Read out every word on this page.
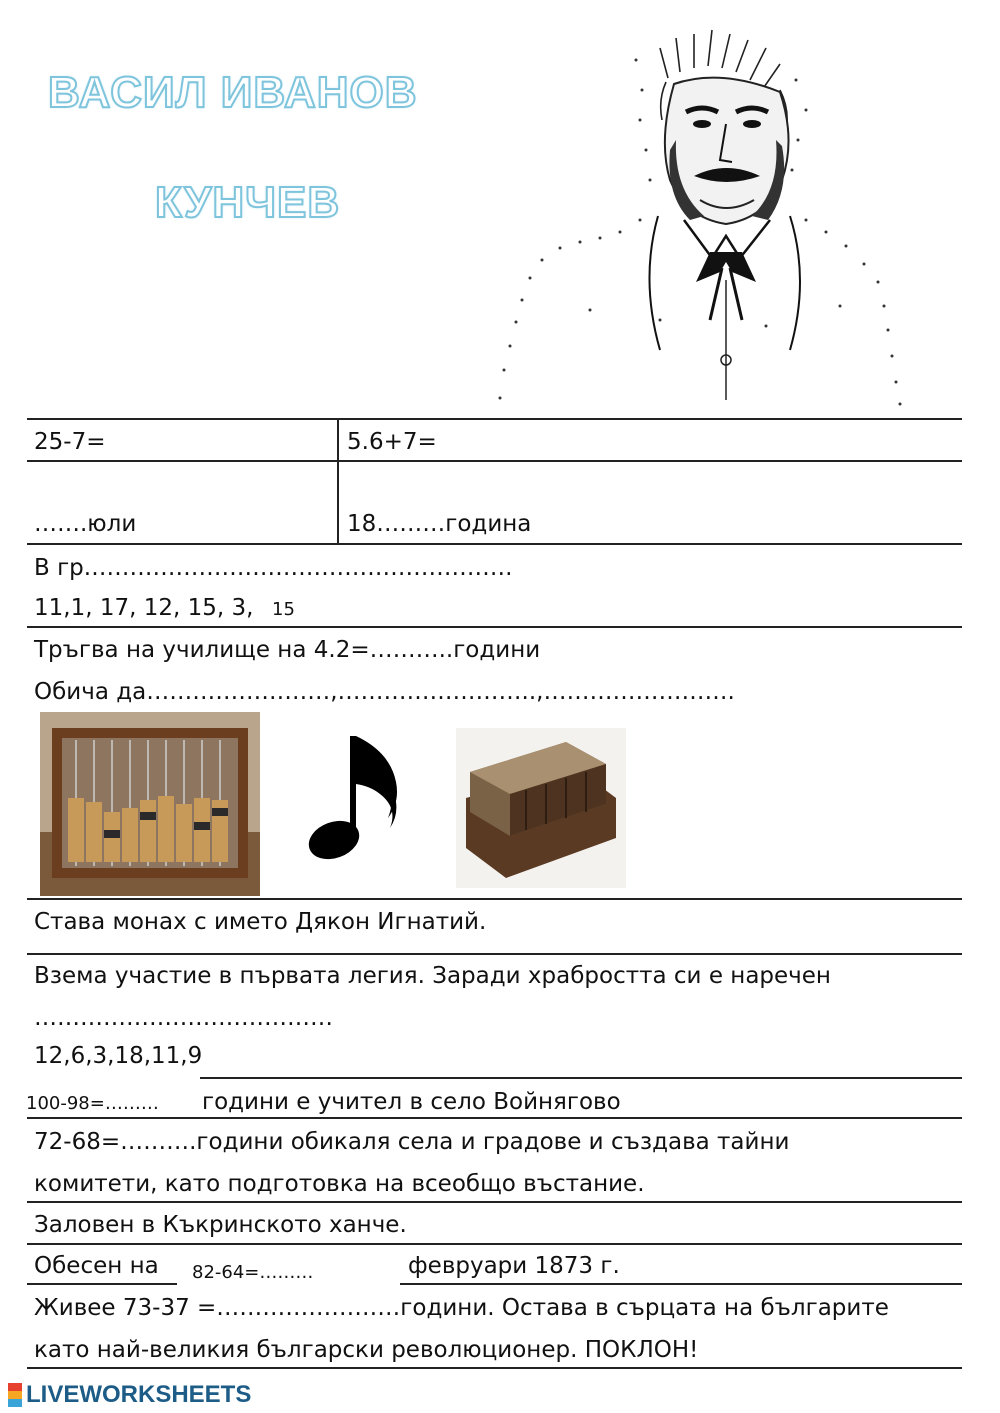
ВАСИЛ ИВАНОВ
КУНЧЕВ
25-7=	5.6+7=
…….юли	18………година
В гр.……………………………………………….
11,1, 17, 12, 15, 3, 15
Тръгва на училище на 4.2=………..години
Обича да……………………,……………………..,…………………….
Става монах с името Дякон Игнатий.
Взема участие в първата легия. Заради храбростта си е наречен
…………………………………
12,6,3,18,11,9
100-98=……… години е учител в село Войнягово
72-68=……….години обикаля села и градове и създава тайни
комитети, като подготовка на всеобщо въстание.
Заловен в Къкринското ханче.
Обесен на 82-64=………	февруари 1873 г.
Живее 73-37 =……………………години. Остава в сърцата на българите
като най-великия български революционер. ПОКЛОН!
LIVEWORKSHEETS
